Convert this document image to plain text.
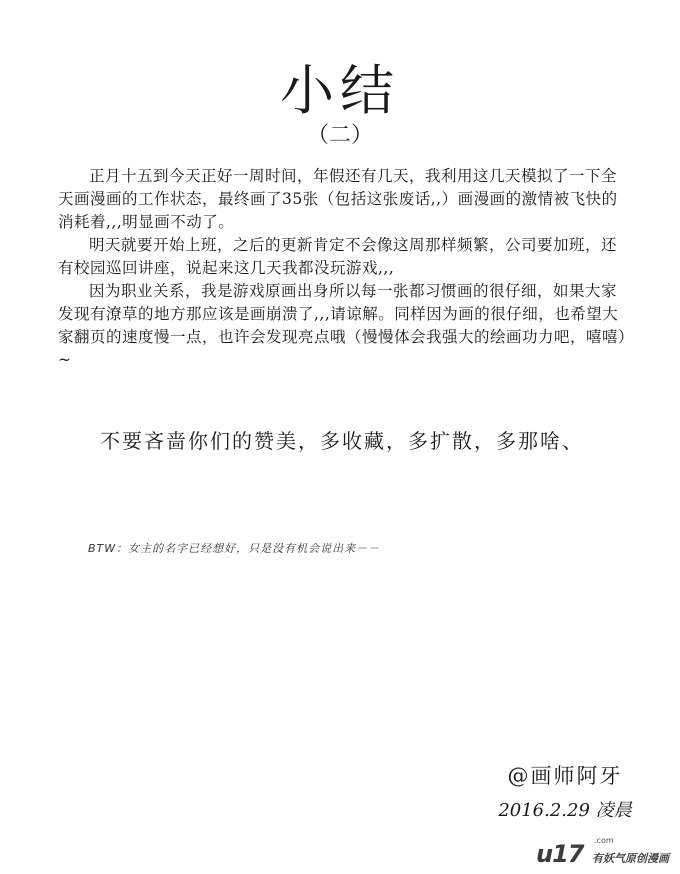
小结
（二）

正月十五到今天正好一周时间，年假还有几天，我利用这几天模拟了一下全天画漫画的工作状态，最终画了35张（包括这张废话,,）画漫画的激情被飞快的消耗着,,,明显画不动了。

明天就要开始上班，之后的更新肯定不会像这周那样频繁，公司要加班，还有校园巡回讲座，说起来这几天我都没玩游戏,,,

因为职业关系，我是游戏原画出身所以每一张都习惯画的很仔细，如果大家发现有潦草的地方那应该是画崩溃了,,,请谅解。同样因为画的很仔细，也希望大家翻页的速度慢一点，也许会发现亮点哦（慢慢体会我强大的绘画功力吧，嘻嘻）~

不要吝啬你们的赞美，多收藏，多扩散，多那啥、
BTW：女主的名字已经想好，只是没有机会说出来－－
@画师阿牙
2016.2.29 凌晨
u17 .com
有妖气原创漫画
